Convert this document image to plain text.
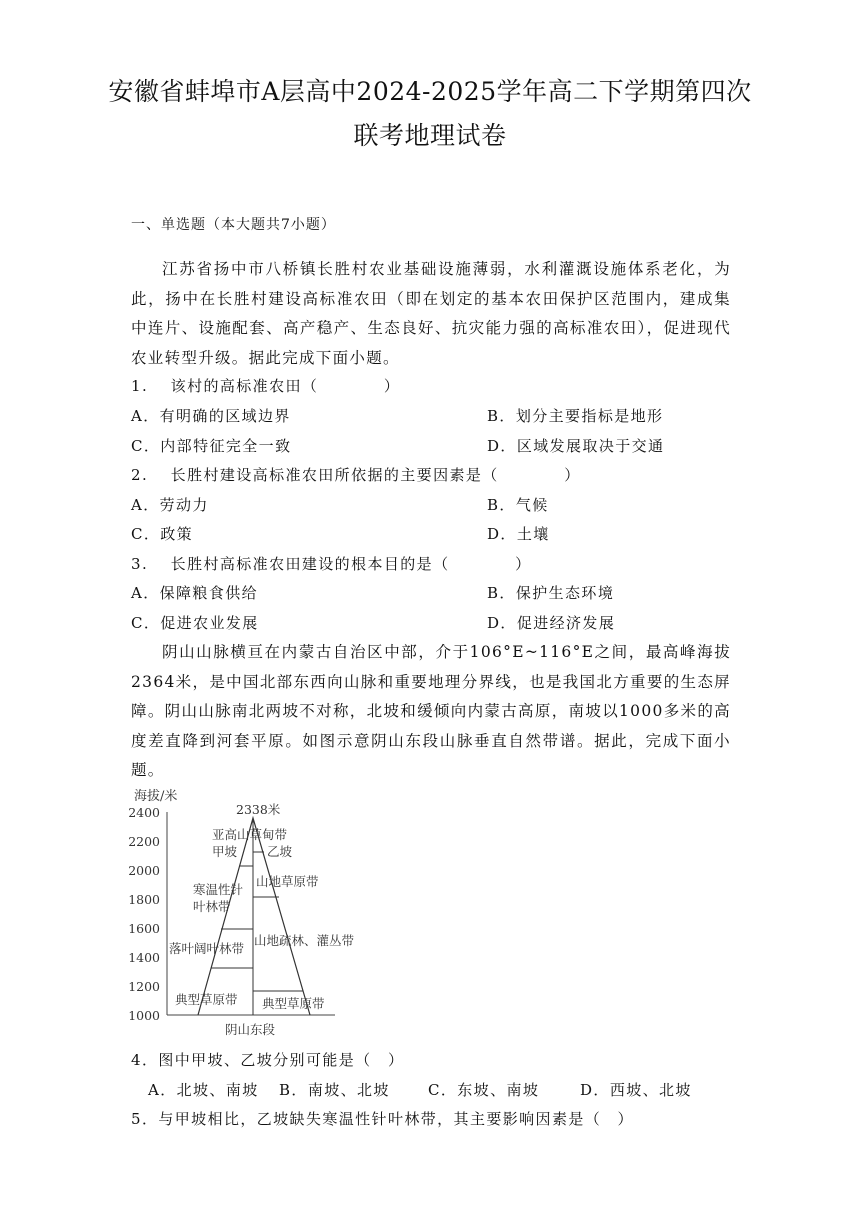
安徽省蚌埠市A层高中2024-2025学年高二下学期第四次
联考地理试卷
一、单选题（本大题共7小题）
江苏省扬中市八桥镇长胜村农业基础设施薄弱，水利灌溉设施体系老化，为此，扬中在长胜村建设高标准农田（即在划定的基本农田保护区范围内，建成集中连片、设施配套、高产稳产、生态良好、抗灾能力强的高标准农田），促进现代农业转型升级。据此完成下面小题。
1.　 该村的高标准农田（　　　　）
A．有明确的区域边界	B．划分主要指标是地形
C．内部特征完全一致	D．区域发展取决于交通
2.　 长胜村建设高标准农田所依据的主要因素是（　　　　）
A．劳动力	B．气候
C．政策	D．土壤
3.　 长胜村高标准农田建设的根本目的是（　　　　）
A．保障粮食供给	B．保护生态环境
C．促进农业发展	D．促进经济发展
阴山山脉横亘在内蒙古自治区中部，介于106°E~116°E之间，最高峰海拔2364米，是中国北部东西向山脉和重要地理分界线，也是我国北方重要的生态屏障。阴山山脉南北两坡不对称，北坡和缓倾向内蒙古高原，南坡以1000多米的高度差直降到河套平原。如图示意阴山东段山脉垂直自然带谱。据此，完成下面小题。
海拔/米
2400
2200
2000
1800
1600
1400
1200
1000
2338米
亚高山草甸带
甲坡 乙坡
寒温性针
叶林带
山地草原带
落叶阔叶林带
山地疏林、灌丛带
典型草原带 典型草原带
阴山东段
4．图中甲坡、乙坡分别可能是（　）
A．北坡、南坡 B．南坡、北坡	C．东坡、南坡	D．西坡、北坡
5．与甲坡相比，乙坡缺失寒温性针叶林带，其主要影响因素是（　）
